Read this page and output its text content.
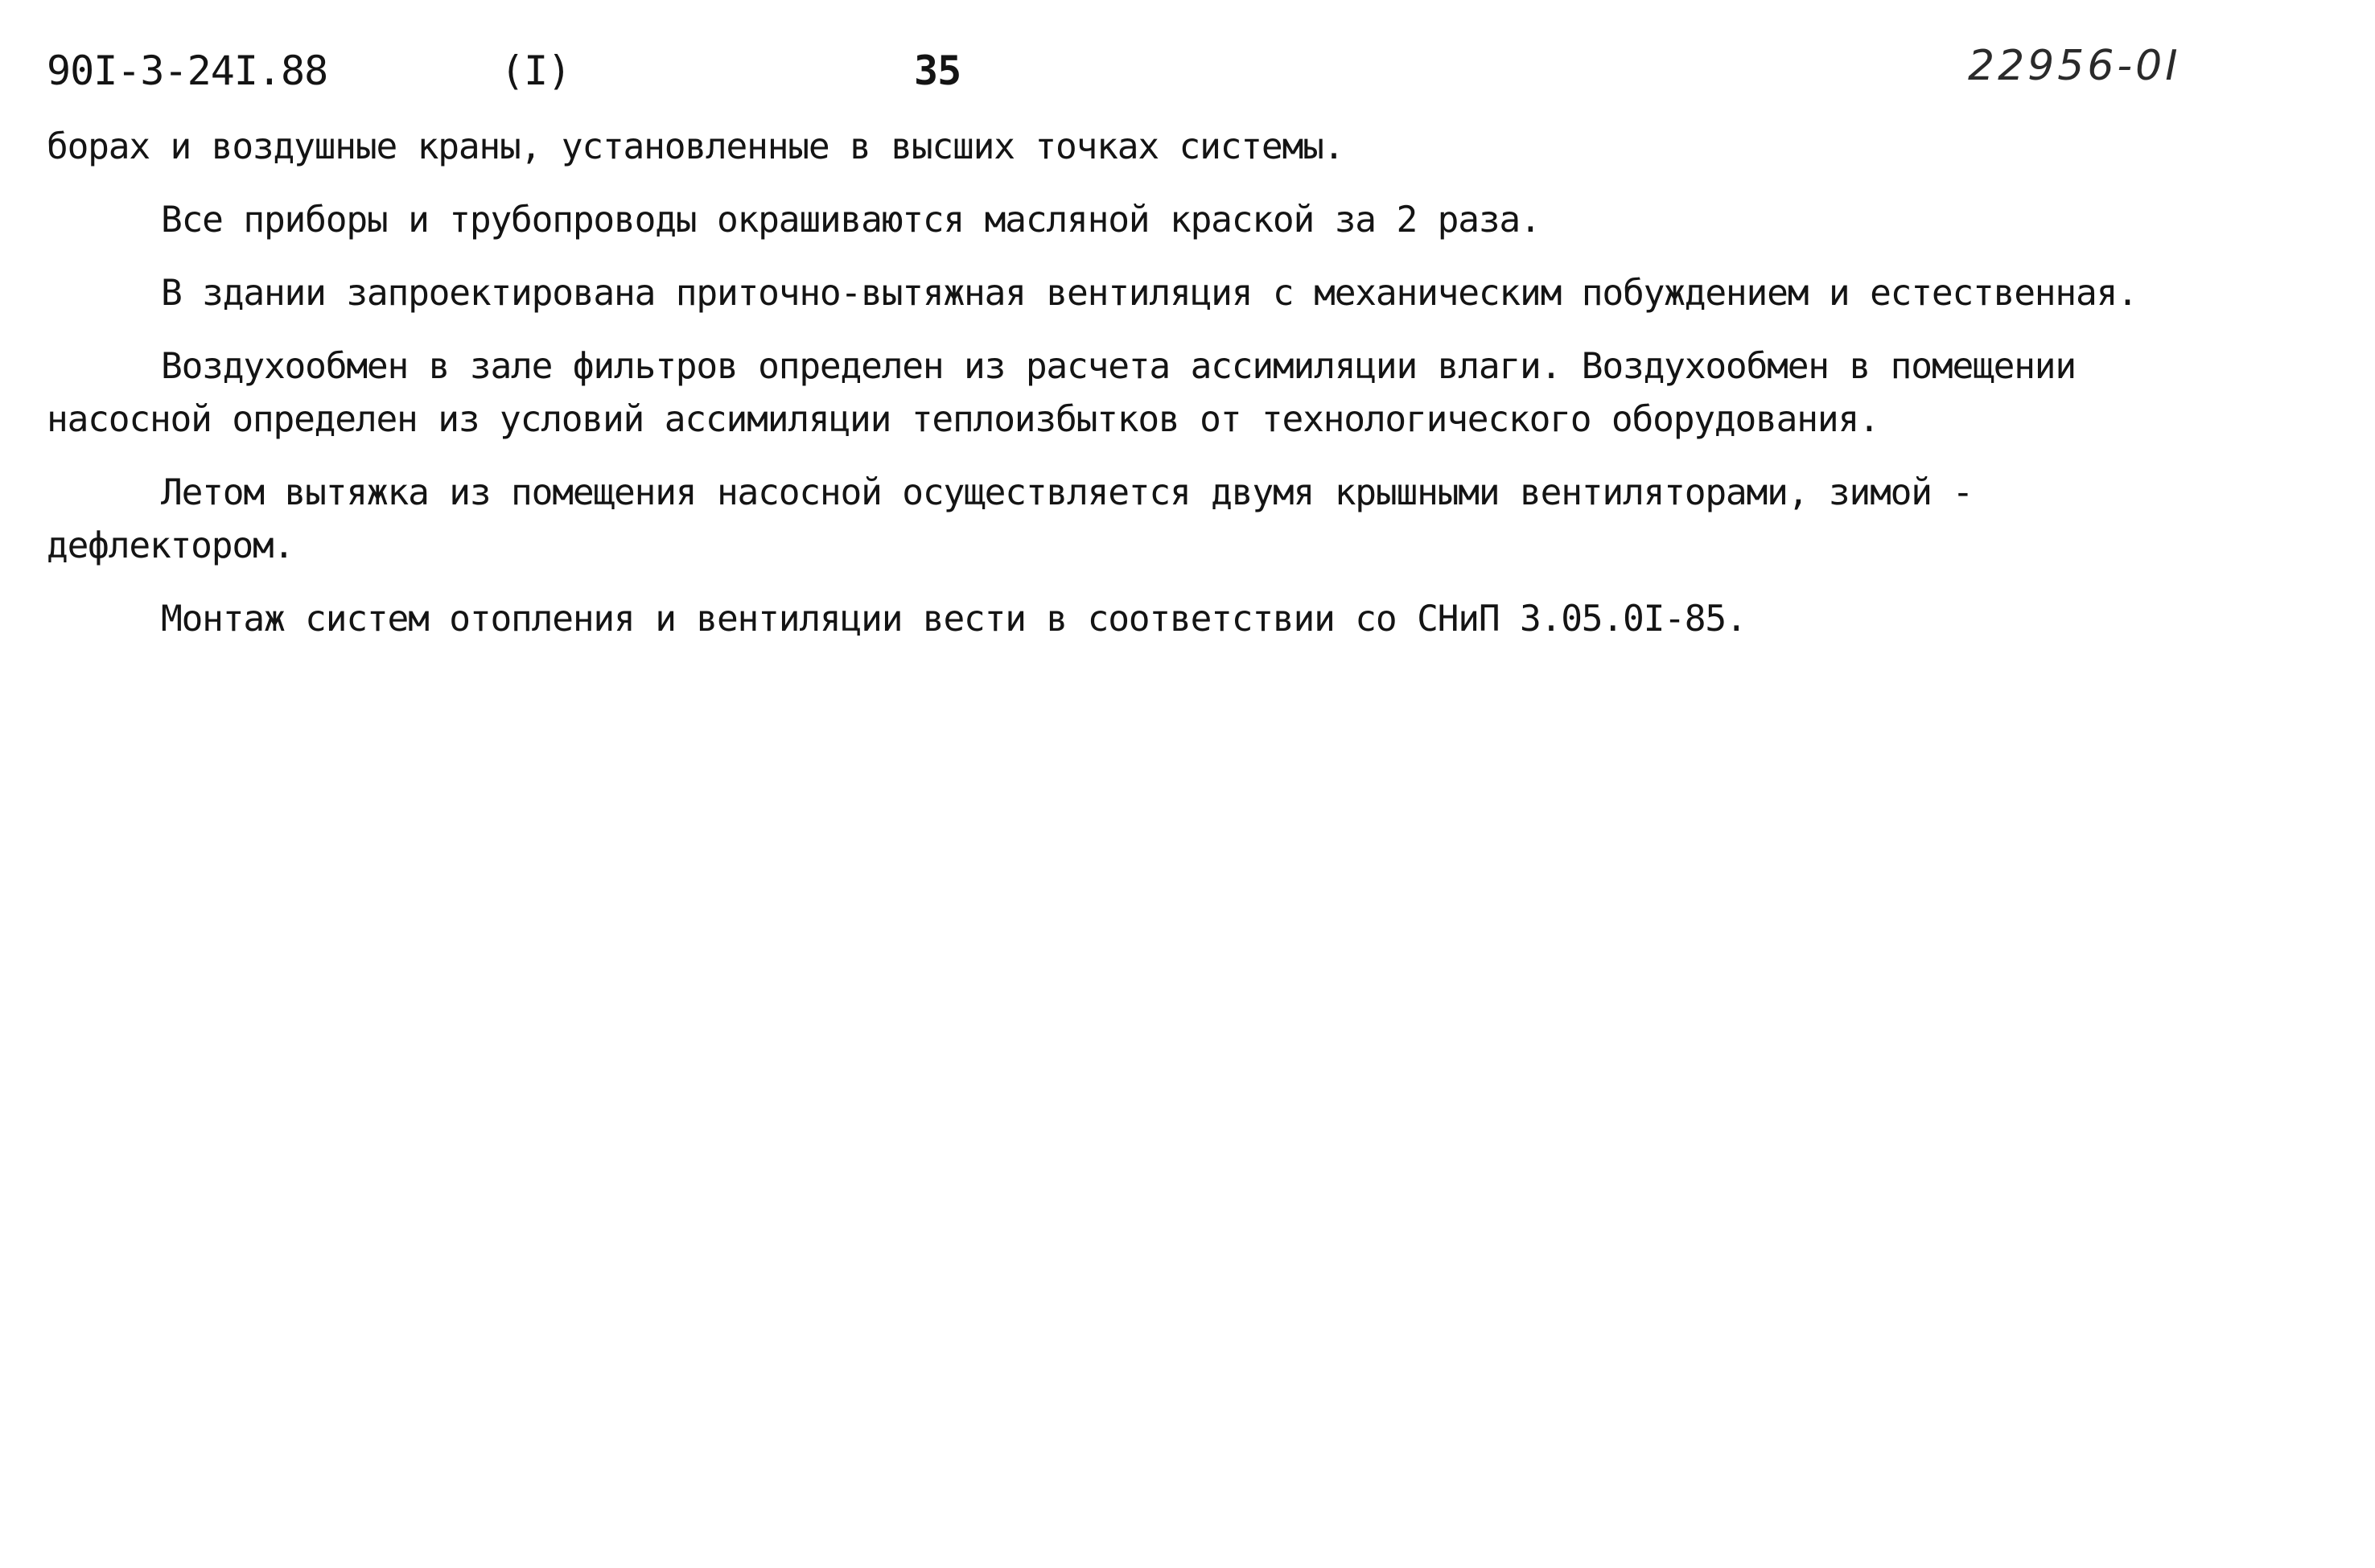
90I-3-24I.88	(I)	35	22956-0I

борах и воздушные краны, установленные в высших точках системы.

Все приборы и трубопроводы окрашиваются масляной краской за 2 раза.

В здании запроектирована приточно-вытяжная вентиляция с механическим побуждением и естественная.

Воздухообмен в зале фильтров определен из расчета ассимиляции влаги. Воздухообмен в помещении
насосной определен из условий ассимиляции теплоизбытков от технологического оборудования.

Летом вытяжка из помещения насосной осуществляется двумя крышными вентиляторами, зимой -
дефлектором.

Монтаж систем отопления и вентиляции вести в соответствии со СНиП 3.05.0I-85.
